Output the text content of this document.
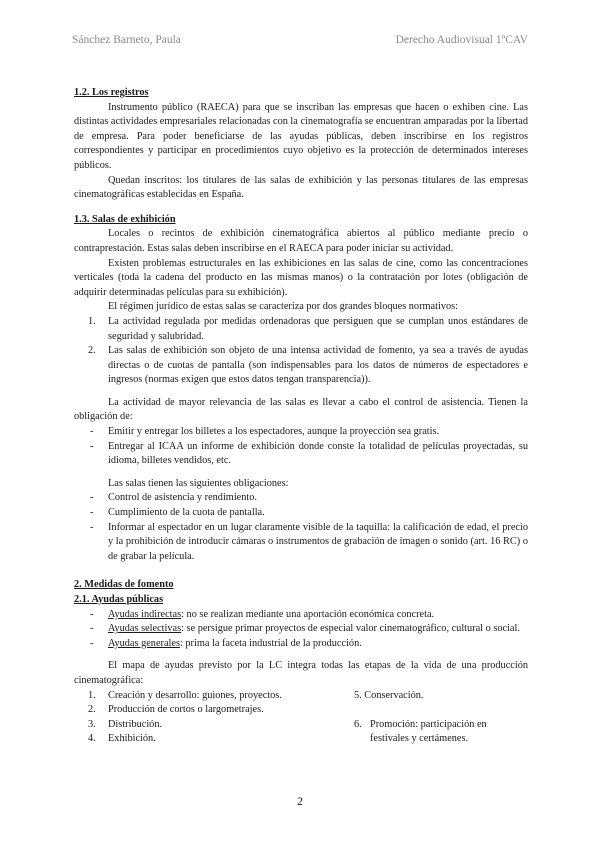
Sánchez Barneto, Paula	Derecho Audiovisual 1ºCAV
1.2. Los registros
Instrumento público (RAECA) para que se inscriban las empresas que hacen o exhiben cine. Las distintas actividades empresariales relacionadas con la cinematografía se encuentran amparadas por la libertad de empresa. Para poder beneficiarse de las ayudas públicas, deben inscribirse en los registros correspondientes y participar en procedimientos cuyo objetivo es la protección de determinados intereses públicos.
Quedan inscritos: los titulares de las salas de exhibición y las personas titulares de las empresas cinematográficas establecidas en España.
1.3. Salas de exhibición
Locales o recintos de exhibición cinematográfica abiertos al público mediante precio o contraprestación. Estas salas deben inscribirse en el RAECA para poder iniciar su actividad.
Existen problemas estructurales en las exhibiciones en las salas de cine, como las concentraciones verticales (toda la cadena del producto en las mismas manos) o la contratación por lotes (obligación de adquirir determinadas películas para su exhibición).
El régimen jurídico de estas salas se caracteriza por dos grandes bloques normativos:
1. La actividad regulada por medidas ordenadoras que persiguen que se cumplan unos estándares de seguridad y salubridad.
2. Las salas de exhibición son objeto de una intensa actividad de fomento, ya sea a través de ayudas directas o de cuotas de pantalla (son indispensables para los datos de números de espectadores e ingresos (normas exigen que estos datos tengan transparencia)).
La actividad de mayor relevancia de las salas es llevar a cabo el control de asistencia. Tienen la obligación de:
- Emitir y entregar los billetes a los espectadores, aunque la proyección sea gratis.
- Entregar al ICAA un informe de exhibición donde conste la totalidad de películas proyectadas, su idioma, billetes vendidos, etc.
Las salas tienen las siguientes obligaciones:
- Control de asistencia y rendimiento.
- Cumplimiento de la cuota de pantalla.
- Informar al espectador en un lugar claramente visible de la taquilla: la calificación de edad, el precio y la prohibición de introducir cámaras o instrumentos de grabación de imagen o sonido (art. 16 RC) o de grabar la película.
2. Medidas de fomento
2.1. Ayudas públicas
- Ayudas indirectas: no se realizan mediante una aportación económica concreta.
- Ayudas selectivas: se persigue primar proyectos de especial valor cinematográfico, cultural o social.
- Ayudas generales: prima la faceta industrial de la producción.
El mapa de ayudas previsto por la LC integra todas las etapas de la vida de una producción cinematográfica:
1. Creación y desarrollo: guiones, proyectos.
2. Producción de cortos o largometrajes.
3. Distribución.
4. Exhibición.
5. Conservación.
6. Promoción: participación en festivales y certámenes.
2
